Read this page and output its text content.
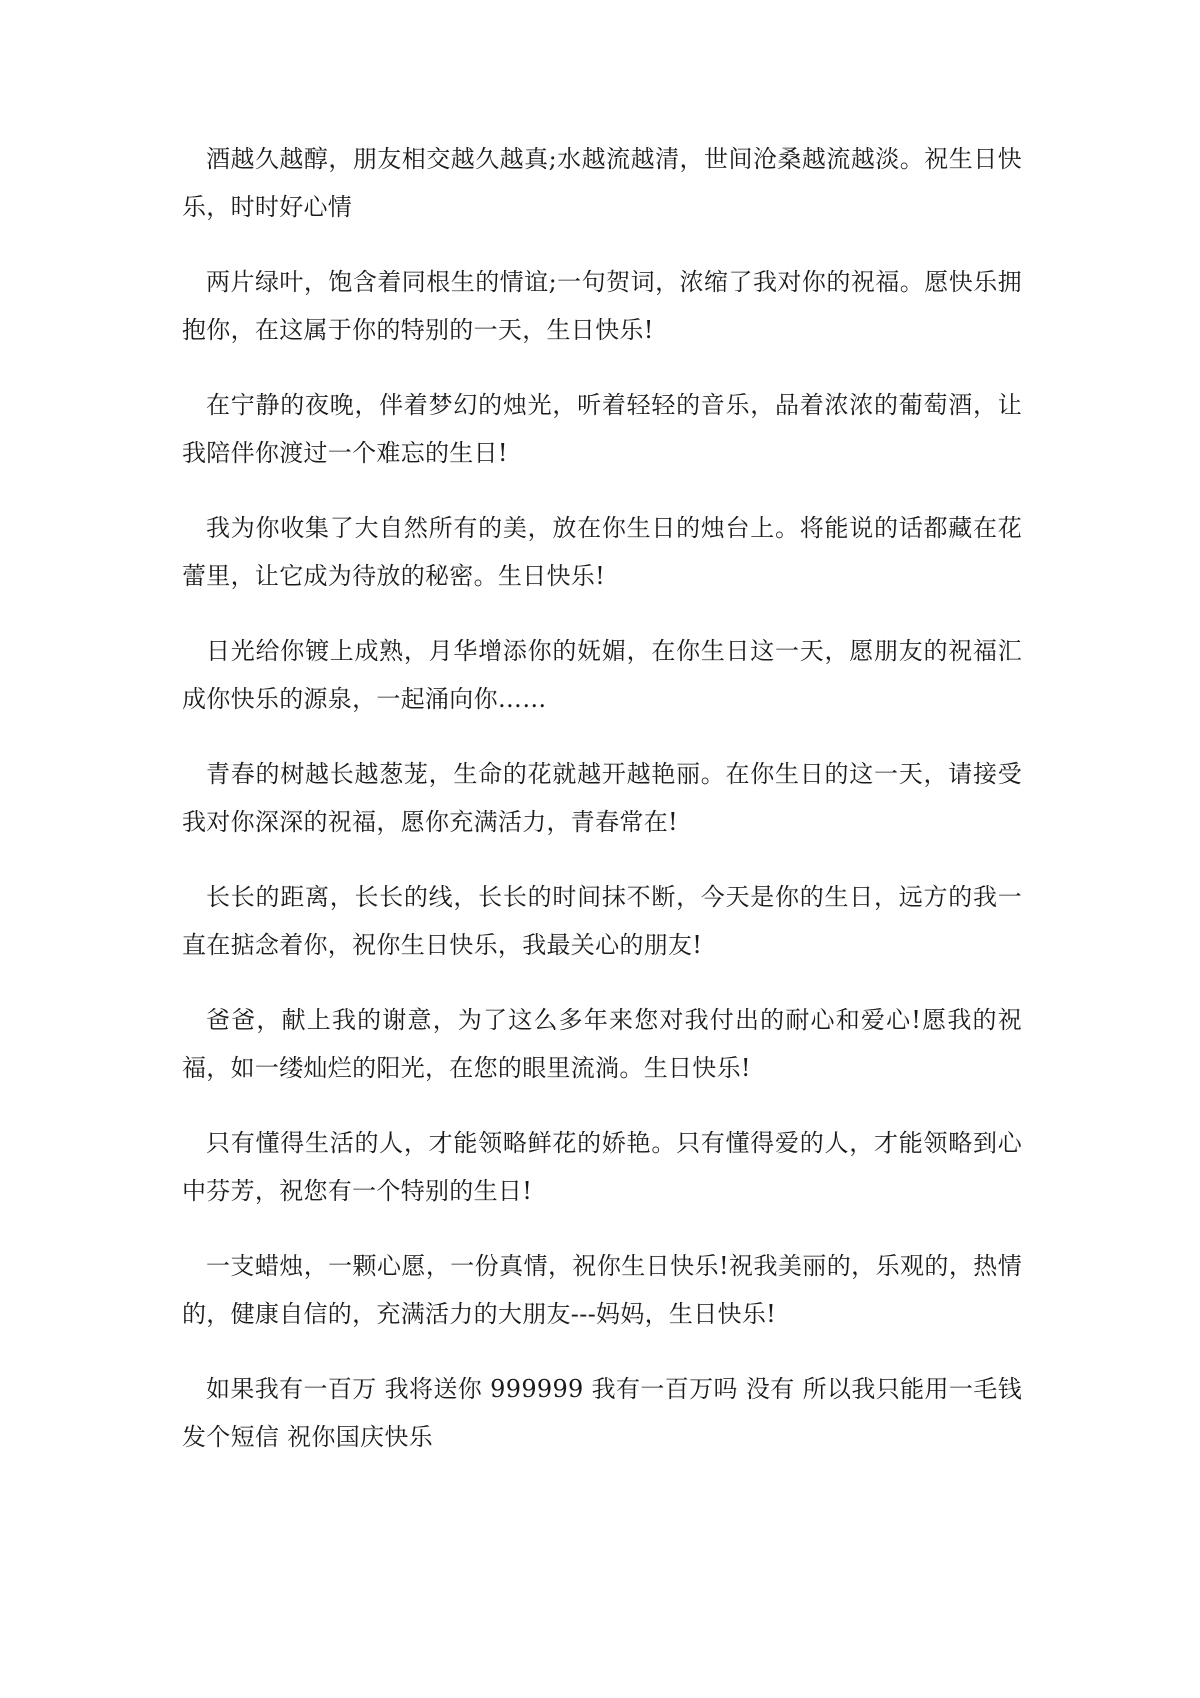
酒越久越醇，朋友相交越久越真;水越流越清，世间沧桑越流越淡。祝生日快乐，时时好心情

两片绿叶，饱含着同根生的情谊;一句贺词，浓缩了我对你的祝福。愿快乐拥抱你，在这属于你的特别的一天，生日快乐!

在宁静的夜晚，伴着梦幻的烛光，听着轻轻的音乐，品着浓浓的葡萄酒，让我陪伴你渡过一个难忘的生日!

我为你收集了大自然所有的美，放在你生日的烛台上。将能说的话都藏在花蕾里，让它成为待放的秘密。生日快乐!

日光给你镀上成熟，月华增添你的妩媚，在你生日这一天，愿朋友的祝福汇成你快乐的源泉，一起涌向你……

青春的树越长越葱茏，生命的花就越开越艳丽。在你生日的这一天，请接受我对你深深的祝福，愿你充满活力，青春常在!

长长的距离，长长的线，长长的时间抹不断，今天是你的生日，远方的我一直在掂念着你，祝你生日快乐，我最关心的朋友!

爸爸，献上我的谢意，为了这么多年来您对我付出的耐心和爱心!愿我的祝福，如一缕灿烂的阳光，在您的眼里流淌。生日快乐!

只有懂得生活的人，才能领略鲜花的娇艳。只有懂得爱的人，才能领略到心中芬芳，祝您有一个特别的生日!

一支蜡烛，一颗心愿，一份真情，祝你生日快乐!祝我美丽的，乐观的，热情的，健康自信的，充满活力的大朋友---妈妈，生日快乐!

如果我有一百万 我将送你 999999 我有一百万吗 没有 所以我只能用一毛钱发个短信 祝你国庆快乐
